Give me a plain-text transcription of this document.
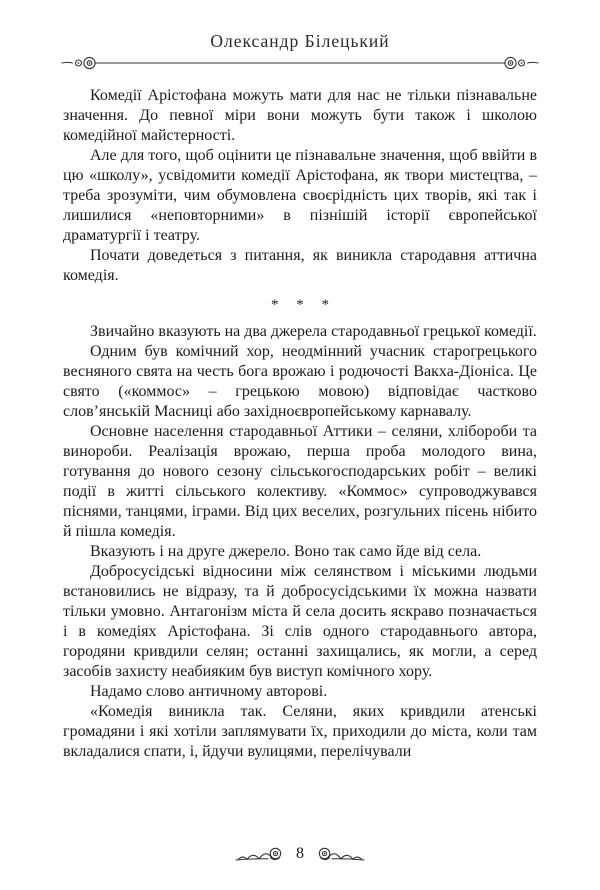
Олександр Білецький

Комедії Арістофана можуть мати для нас не тільки пізнавальне значення. До певної міри вони можуть бути також і школою комедійної майстерності.

Але для того, щоб оцінити це пізнавальне значення, щоб ввійти в цю «школу», усвідомити комедії Арістофана, як твори мистецтва, – треба зрозуміти, чим обумовлена своєрідність цих творів, які так і лишилися «неповторними» в пізнішій історії європейської драматургії і театру.

Почати доведеться з питання, як виникла стародавня аттична комедія.

* * *

Звичайно вказують на два джерела стародавньої грецької комедії.

Одним був комічний хор, неодмінний учасник старогрецького весняного свята на честь бога врожаю і родючості Вакха-Діоніса. Це свято («коммос» – грецькою мовою) відповідає частково слов’янській Масниці або західноєвропейському карнавалу.

Основне населення стародавньої Аттики – селяни, хлібороби та винороби. Реалізація врожаю, перша проба молодого вина, готування до нового сезону сільськогосподарських робіт – великі події в житті сільського колективу. «Коммос» супроводжувався піснями, танцями, іграми. Від цих веселих, розгульних пісень нібито й пішла комедія.

Вказують і на друге джерело. Воно так само йде від села.

Добросусідські відносини між селянством і міськими людьми встановились не відразу, та й добросусідськими їх можна назвати тільки умовно. Антагонізм міста й села досить яскраво позначається і в комедіях Арістофана. Зі слів одного стародавнього автора, городяни кривдили селян; останні захищались, як могли, а серед засобів захисту неабияким був виступ комічного хору.

Надамо слово античному авторові.

«Комедія виникла так. Селяни, яких кривдили атенські громадяни і які хотіли заплямувати їх, приходили до міста, коли там вкладалися спати, і, йдучи вулицями, перелічували

8
